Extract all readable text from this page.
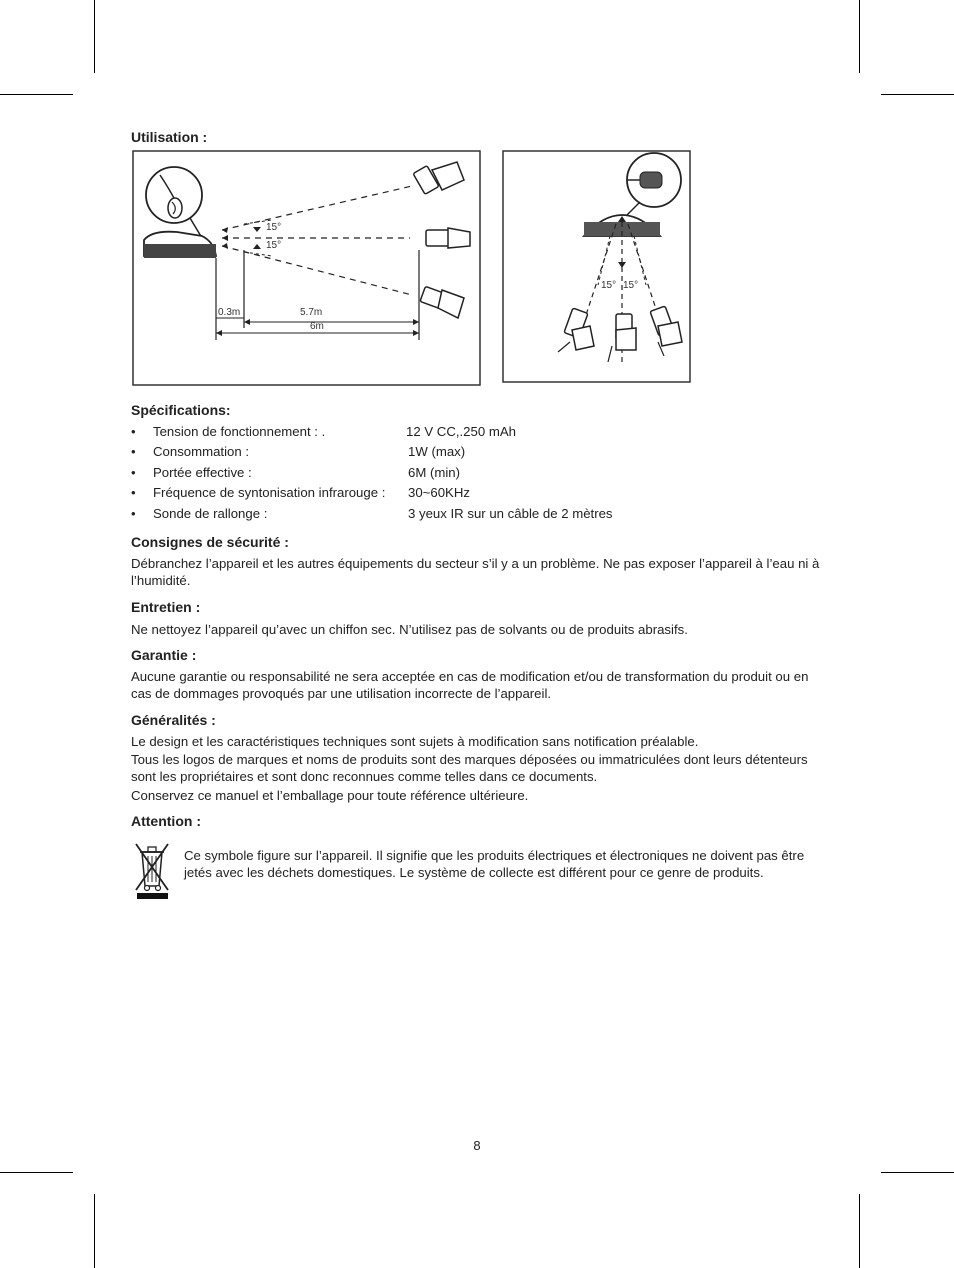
Utilisation :
15°
15°
0.3m	5.7m
6m
15° 15°
Spécifications:
• Tension de fonctionnement : .	12 V CC,.250 mAh
• Consommation :	1W (max)
• Portée effective :	6M (min)
• Fréquence de syntonisation infrarouge : 30~60KHz
• Sonde de rallonge :	3 yeux IR sur un câble de 2 mètres
Consignes de sécurité :
Débranchez l’appareil et les autres équipements du secteur s’il y a un problème. Ne pas exposer l’appareil à l’eau ni à l’humidité.
Entretien :
Ne nettoyez l’appareil qu’avec un chiffon sec. N’utilisez pas de solvants ou de produits abrasifs.
Garantie :
Aucune garantie ou responsabilité ne sera acceptée en cas de modification et/ou de transformation du produit ou en cas de dommages provoqués par une utilisation incorrecte de l’appareil.
Généralités :
Le design et les caractéristiques techniques sont sujets à modification sans notification préalable.
Tous les logos de marques et noms de produits sont des marques déposées ou immatriculées dont leurs détenteurs sont les propriétaires et sont donc reconnues comme telles dans ce documents.
Conservez ce manuel et l’emballage pour toute référence ultérieure.
Attention :
Ce symbole figure sur l’appareil. Il signifie que les produits électriques et électroniques ne doivent pas être jetés avec les déchets domestiques. Le système de collecte est différent pour ce genre de produits.
8
